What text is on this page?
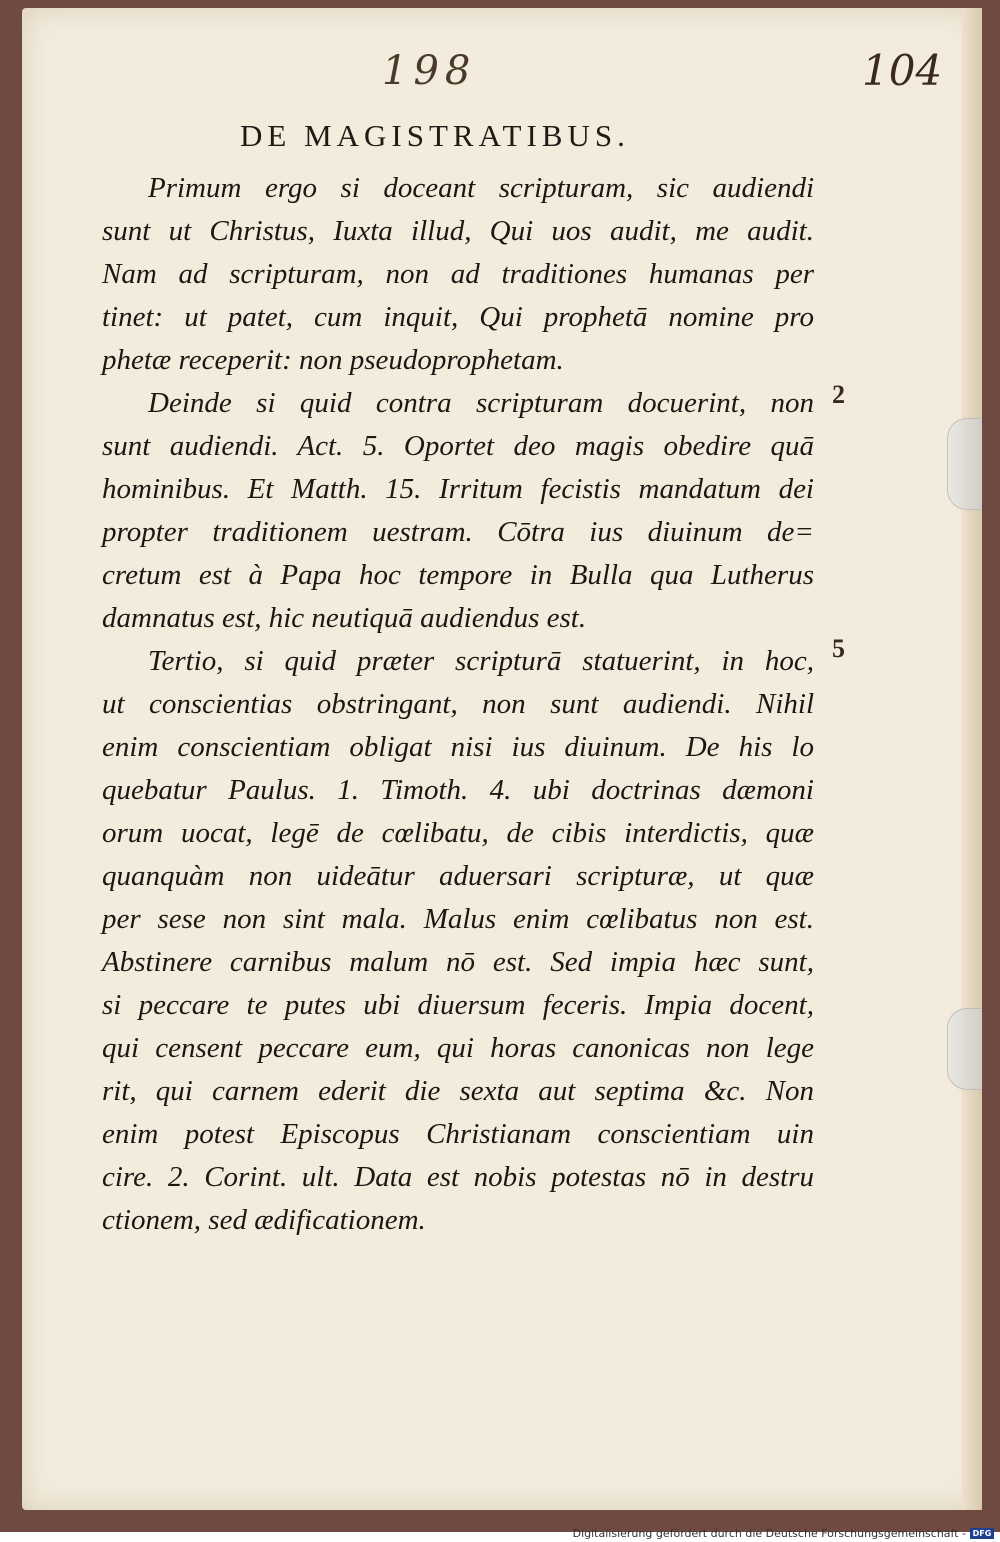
198	104
DE MAGISTRATIBUS.
Primum ergo si doceant scripturam, sic audiendi
sunt ut Christus, Iuxta illud, Qui uos audit, me audit.
Nam ad scripturam, non ad traditiones humanas per
tinet: ut patet, cum inquit, Qui prophetā nomine pro
phetæ receperit: non pseudoprophetam.
Deinde si quid contra scripturam docuerint, non
sunt audiendi. Act. 5. Oportet deo magis obedire quā
hominibus. Et Matth. 15. Irritum fecistis mandatum dei
propter traditionem uestram. Cōtra ius diuinum de=
cretum est à Papa hoc tempore in Bulla qua Lutherus
damnatus est, hic neutiquā audiendus est.
Tertio, si quid præter scripturā statuerint, in hoc,
ut conscientias obstringant, non sunt audiendi. Nihil
enim conscientiam obligat nisi ius diuinum. De his lo
quebatur Paulus. 1. Timoth. 4. ubi doctrinas dæmoni
orum uocat, legē de cœlibatu, de cibis interdictis, quæ
quanquàm non uideātur aduersari scripturæ, ut quæ
per sese non sint mala. Malus enim cœlibatus non est.
Abstinere carnibus malum nō est. Sed impia hæc sunt,
si peccare te putes ubi diuersum feceris. Impia docent,
qui censent peccare eum, qui horas canonicas non lege
rit, qui carnem ederit die sexta aut septima &c. Non
enim potest Episcopus Christianam conscientiam uin
cire. 2. Corint. ult. Data est nobis potestas nō in destru
ctionem, sed ædificationem.
2
5
Digitalisierung gefördert durch die Deutsche Forschungsgemeinschaft - DFG
